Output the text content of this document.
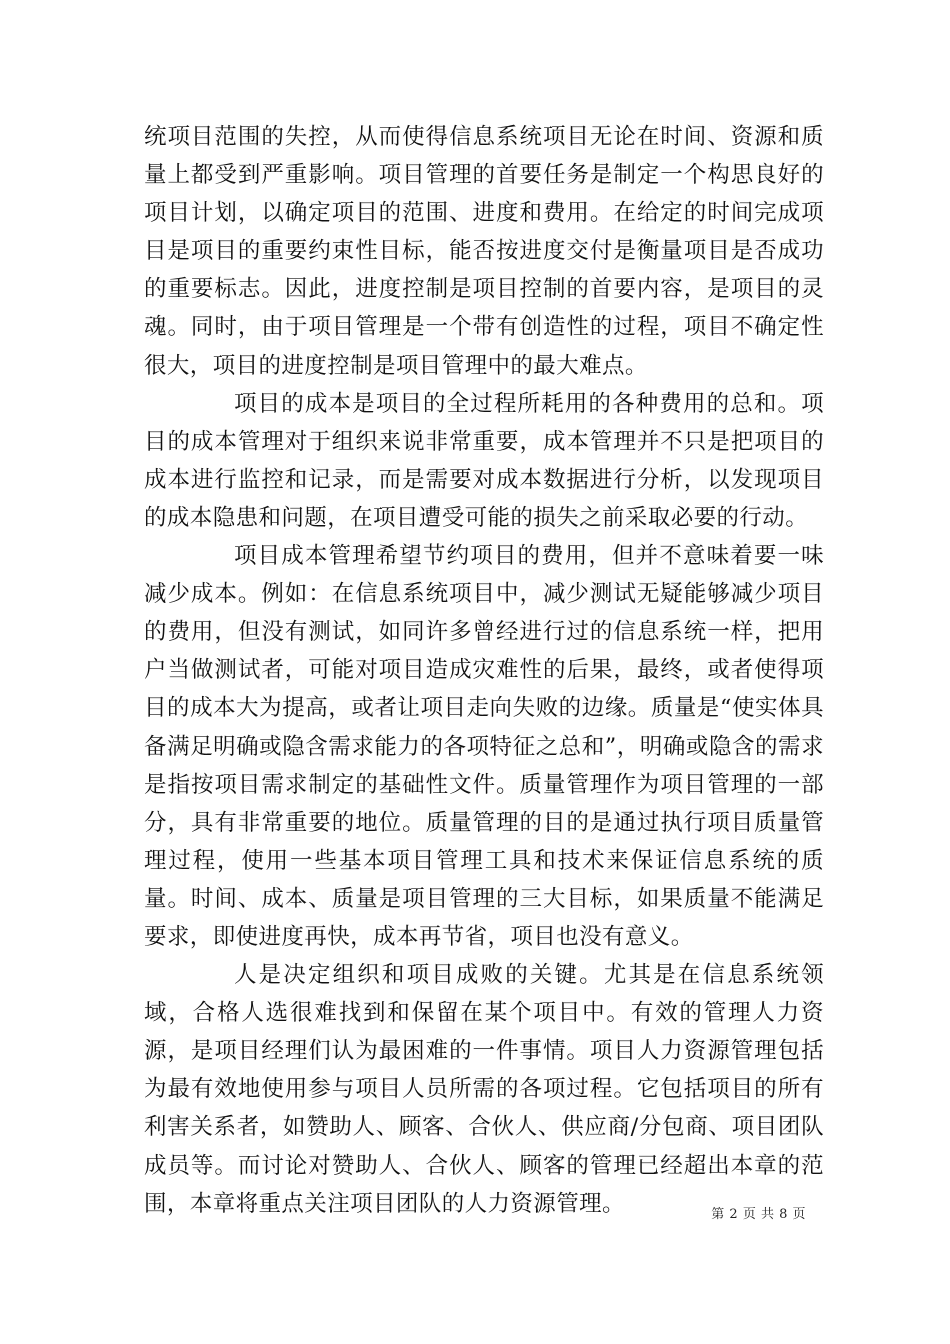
统项目范围的失控，从而使得信息系统项目无论在时间、资源和质量上都受到严重影响。项目管理的首要任务是制定一个构思良好的项目计划，以确定项目的范围、进度和费用。在给定的时间完成项目是项目的重要约束性目标，能否按进度交付是衡量项目是否成功的重要标志。因此，进度控制是项目控制的首要内容，是项目的灵魂。同时，由于项目管理是一个带有创造性的过程，项目不确定性很大，项目的进度控制是项目管理中的最大难点。

项目的成本是项目的全过程所耗用的各种费用的总和。项目的成本管理对于组织来说非常重要，成本管理并不只是把项目的成本进行监控和记录，而是需要对成本数据进行分析，以发现项目的成本隐患和问题，在项目遭受可能的损失之前采取必要的行动。

项目成本管理希望节约项目的费用，但并不意味着要一味减少成本。例如：在信息系统项目中，减少测试无疑能够减少项目的费用，但没有测试，如同许多曾经进行过的信息系统一样，把用户当做测试者，可能对项目造成灾难性的后果，最终，或者使得项目的成本大为提高，或者让项目走向失败的边缘。质量是“使实体具备满足明确或隐含需求能力的各项特征之总和”，明确或隐含的需求是指按项目需求制定的基础性文件。质量管理作为项目管理的一部分，具有非常重要的地位。质量管理的目的是通过执行项目质量管理过程，使用一些基本项目管理工具和技术来保证信息系统的质量。时间、成本、质量是项目管理的三大目标，如果质量不能满足要求，即使进度再快，成本再节省，项目也没有意义。

人是决定组织和项目成败的关键。尤其是在信息系统领域，合格人选很难找到和保留在某个项目中。有效的管理人力资源，是项目经理们认为最困难的一件事情。项目人力资源管理包括为最有效地使用参与项目人员所需的各项过程。它包括项目的所有利害关系者，如赞助人、顾客、合伙人、供应商/分包商、项目团队成员等。而讨论对赞助人、合伙人、顾客的管理已经超出本章的范围，本章将重点关注项目团队的人力资源管理。	第 2 页 共 8 页
